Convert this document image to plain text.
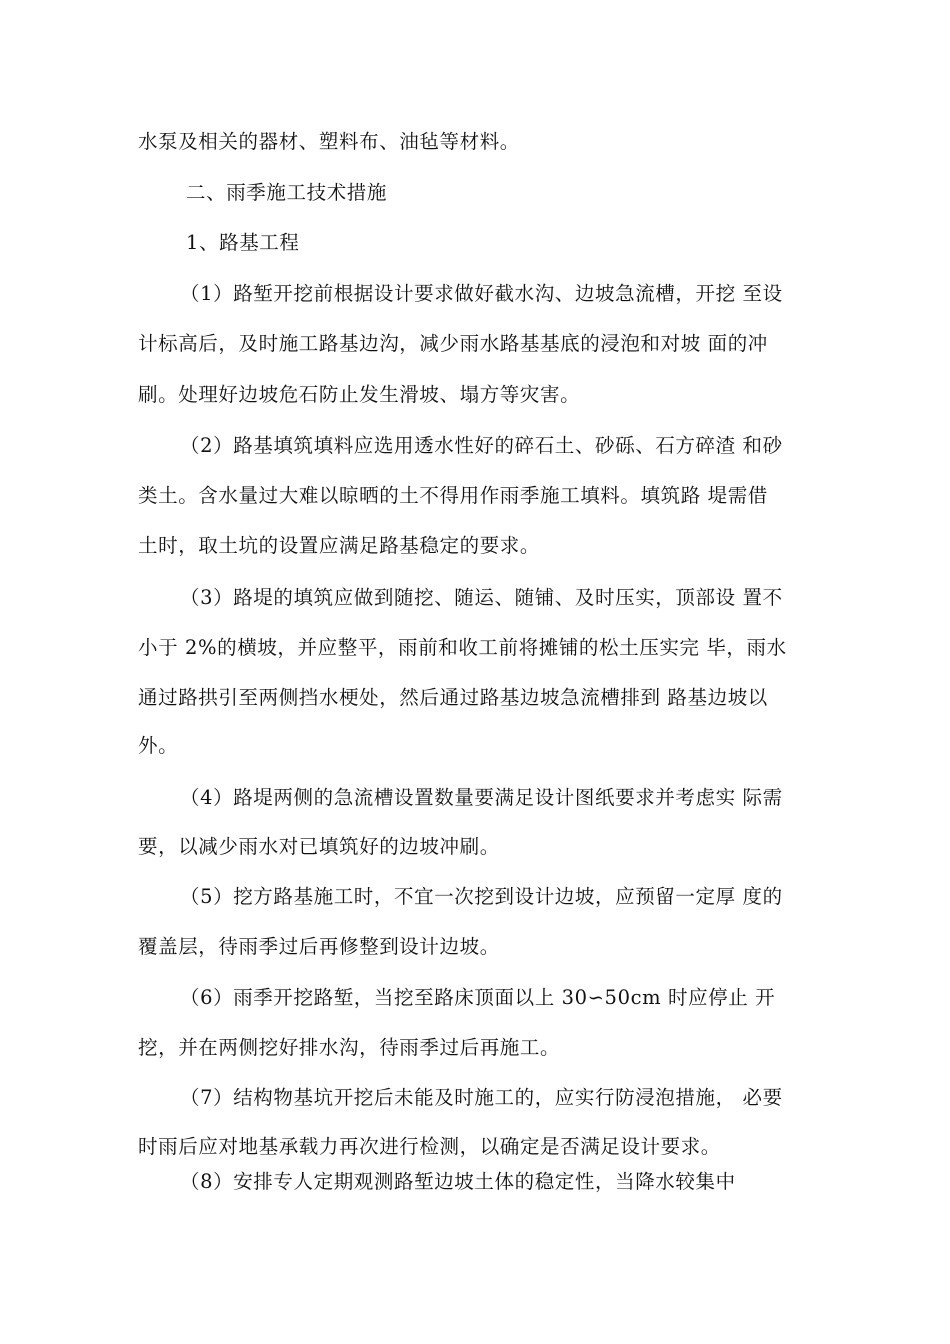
水泵及相关的器材、塑料布、油毡等材料。
二、雨季施工技术措施
1、路基工程
（1）路堑开挖前根据设计要求做好截水沟、边坡急流槽，开挖 至设
计标高后，及时施工路基边沟，减少雨水路基基底的浸泡和对坡 面的冲
刷。处理好边坡危石防止发生滑坡、塌方等灾害。
（2）路基填筑填料应选用透水性好的碎石土、砂砾、石方碎渣 和砂
类土。含水量过大难以晾晒的土不得用作雨季施工填料。填筑路 堤需借
土时，取土坑的设置应满足路基稳定的要求。
（3）路堤的填筑应做到随挖、随运、随铺、及时压实，顶部设 置不
小于 2%的横坡，并应整平，雨前和收工前将摊铺的松土压实完 毕，雨水
通过路拱引至两侧挡水梗处，然后通过路基边坡急流槽排到 路基边坡以
外。
（4）路堤两侧的急流槽设置数量要满足设计图纸要求并考虑实 际需
要，以减少雨水对已填筑好的边坡冲刷。
（5）挖方路基施工时，不宜一次挖到设计边坡，应预留一定厚 度的
覆盖层，待雨季过后再修整到设计边坡。
（6）雨季开挖路堑，当挖至路床顶面以上 30∽50cm 时应停止 开
挖，并在两侧挖好排水沟，待雨季过后再施工。
（7）结构物基坑开挖后未能及时施工的，应实行防浸泡措施， 必要
时雨后应对地基承载力再次进行检测，以确定是否满足设计要求。
（8）安排专人定期观测路堑边坡土体的稳定性，当降水较集中
